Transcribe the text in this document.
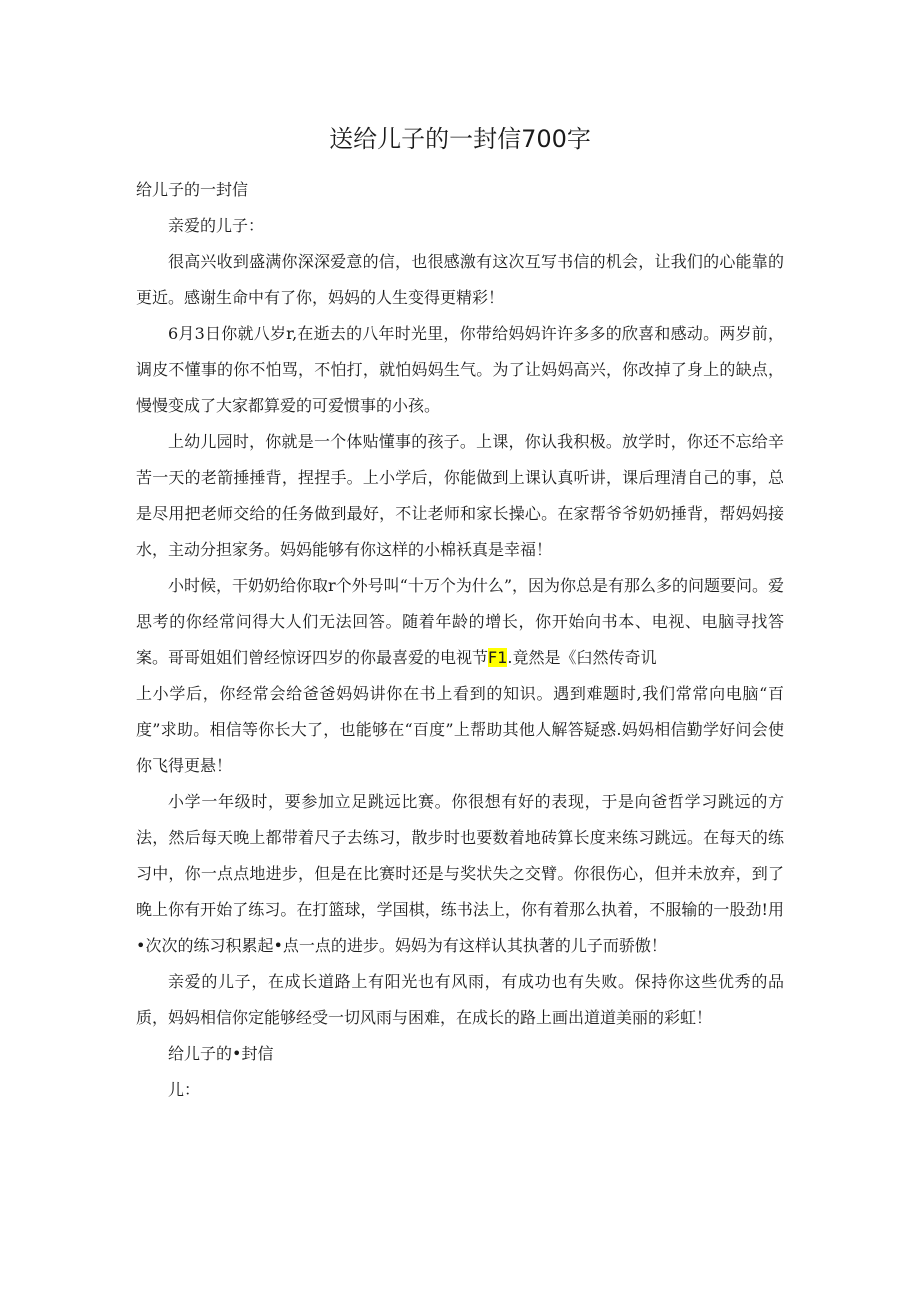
送给儿子的一封信700字

给儿子的一封信

亲爱的儿子：

很高兴收到盛满你深深爱意的信，也很感激有这次互写书信的机会，让我们的心能靠的更近。感谢生命中有了你，妈妈的人生变得更精彩！

6月3日你就八岁r,在逝去的八年时光里，你带给妈妈许许多多的欣喜和感动。两岁前，调皮不懂事的你不怕骂，不怕打，就怕妈妈生气。为了让妈妈高兴，你改掉了身上的缺点，慢慢变成了大家都算爱的可爱惯事的小孩。

上幼儿园时，你就是一个体贴懂事的孩子。上课，你认我积极。放学时，你还不忘给辛苦一天的老箭捶捶背，捏捏手。上小学后，你能做到上课认真听讲，课后理清自己的事，总是尽用把老师交给的任务做到最好，不让老师和家长操心。在家帮爷爷奶奶捶背，帮妈妈接水，主动分担家务。妈妈能够有你这样的小棉袄真是幸福！

小时候，干奶奶给你取r个外号叫“十万个为什么”，因为你总是有那么多的问题要问。爱思考的你经常问得大人们无法回答。随着年龄的增长，你开始向书本、电视、电脑寻找答案。哥哥姐姐们曾经惊讶四岁的你最喜爱的电视节F1.竟然是《臼然传奇讥

上小学后，你经常会给爸爸妈妈讲你在书上看到的知识。遇到难题时,我们常常向电脑“百度”求助。相信等你长大了，也能够在“百度”上帮助其他人解答疑惑.妈妈相信勤学好问会使你飞得更悬！

小学一年级时，要参加立足跳远比赛。你很想有好的表现，于是向爸哲学习跳远的方法，然后每天晚上都带着尺子去练习，散步时也要数着地砖算长度来练习跳远。在每天的练习中，你一点点地进步，但是在比赛时还是与奖状失之交臂。你很伤心，但并未放弃，到了晚上你有开始了练习。在打篮球，学国棋，练书法上，你有着那么执着，不服输的一股劲!用•次次的练习积累起•点一点的进步。妈妈为有这样认其执著的儿子而骄傲！

亲爱的儿子，在成长道路上有阳光也有风雨，有成功也有失败。保持你这些优秀的品质，妈妈相信你定能够经受一切风雨与困难，在成长的路上画出道道美丽的彩虹！

给儿子的•封信

儿：
